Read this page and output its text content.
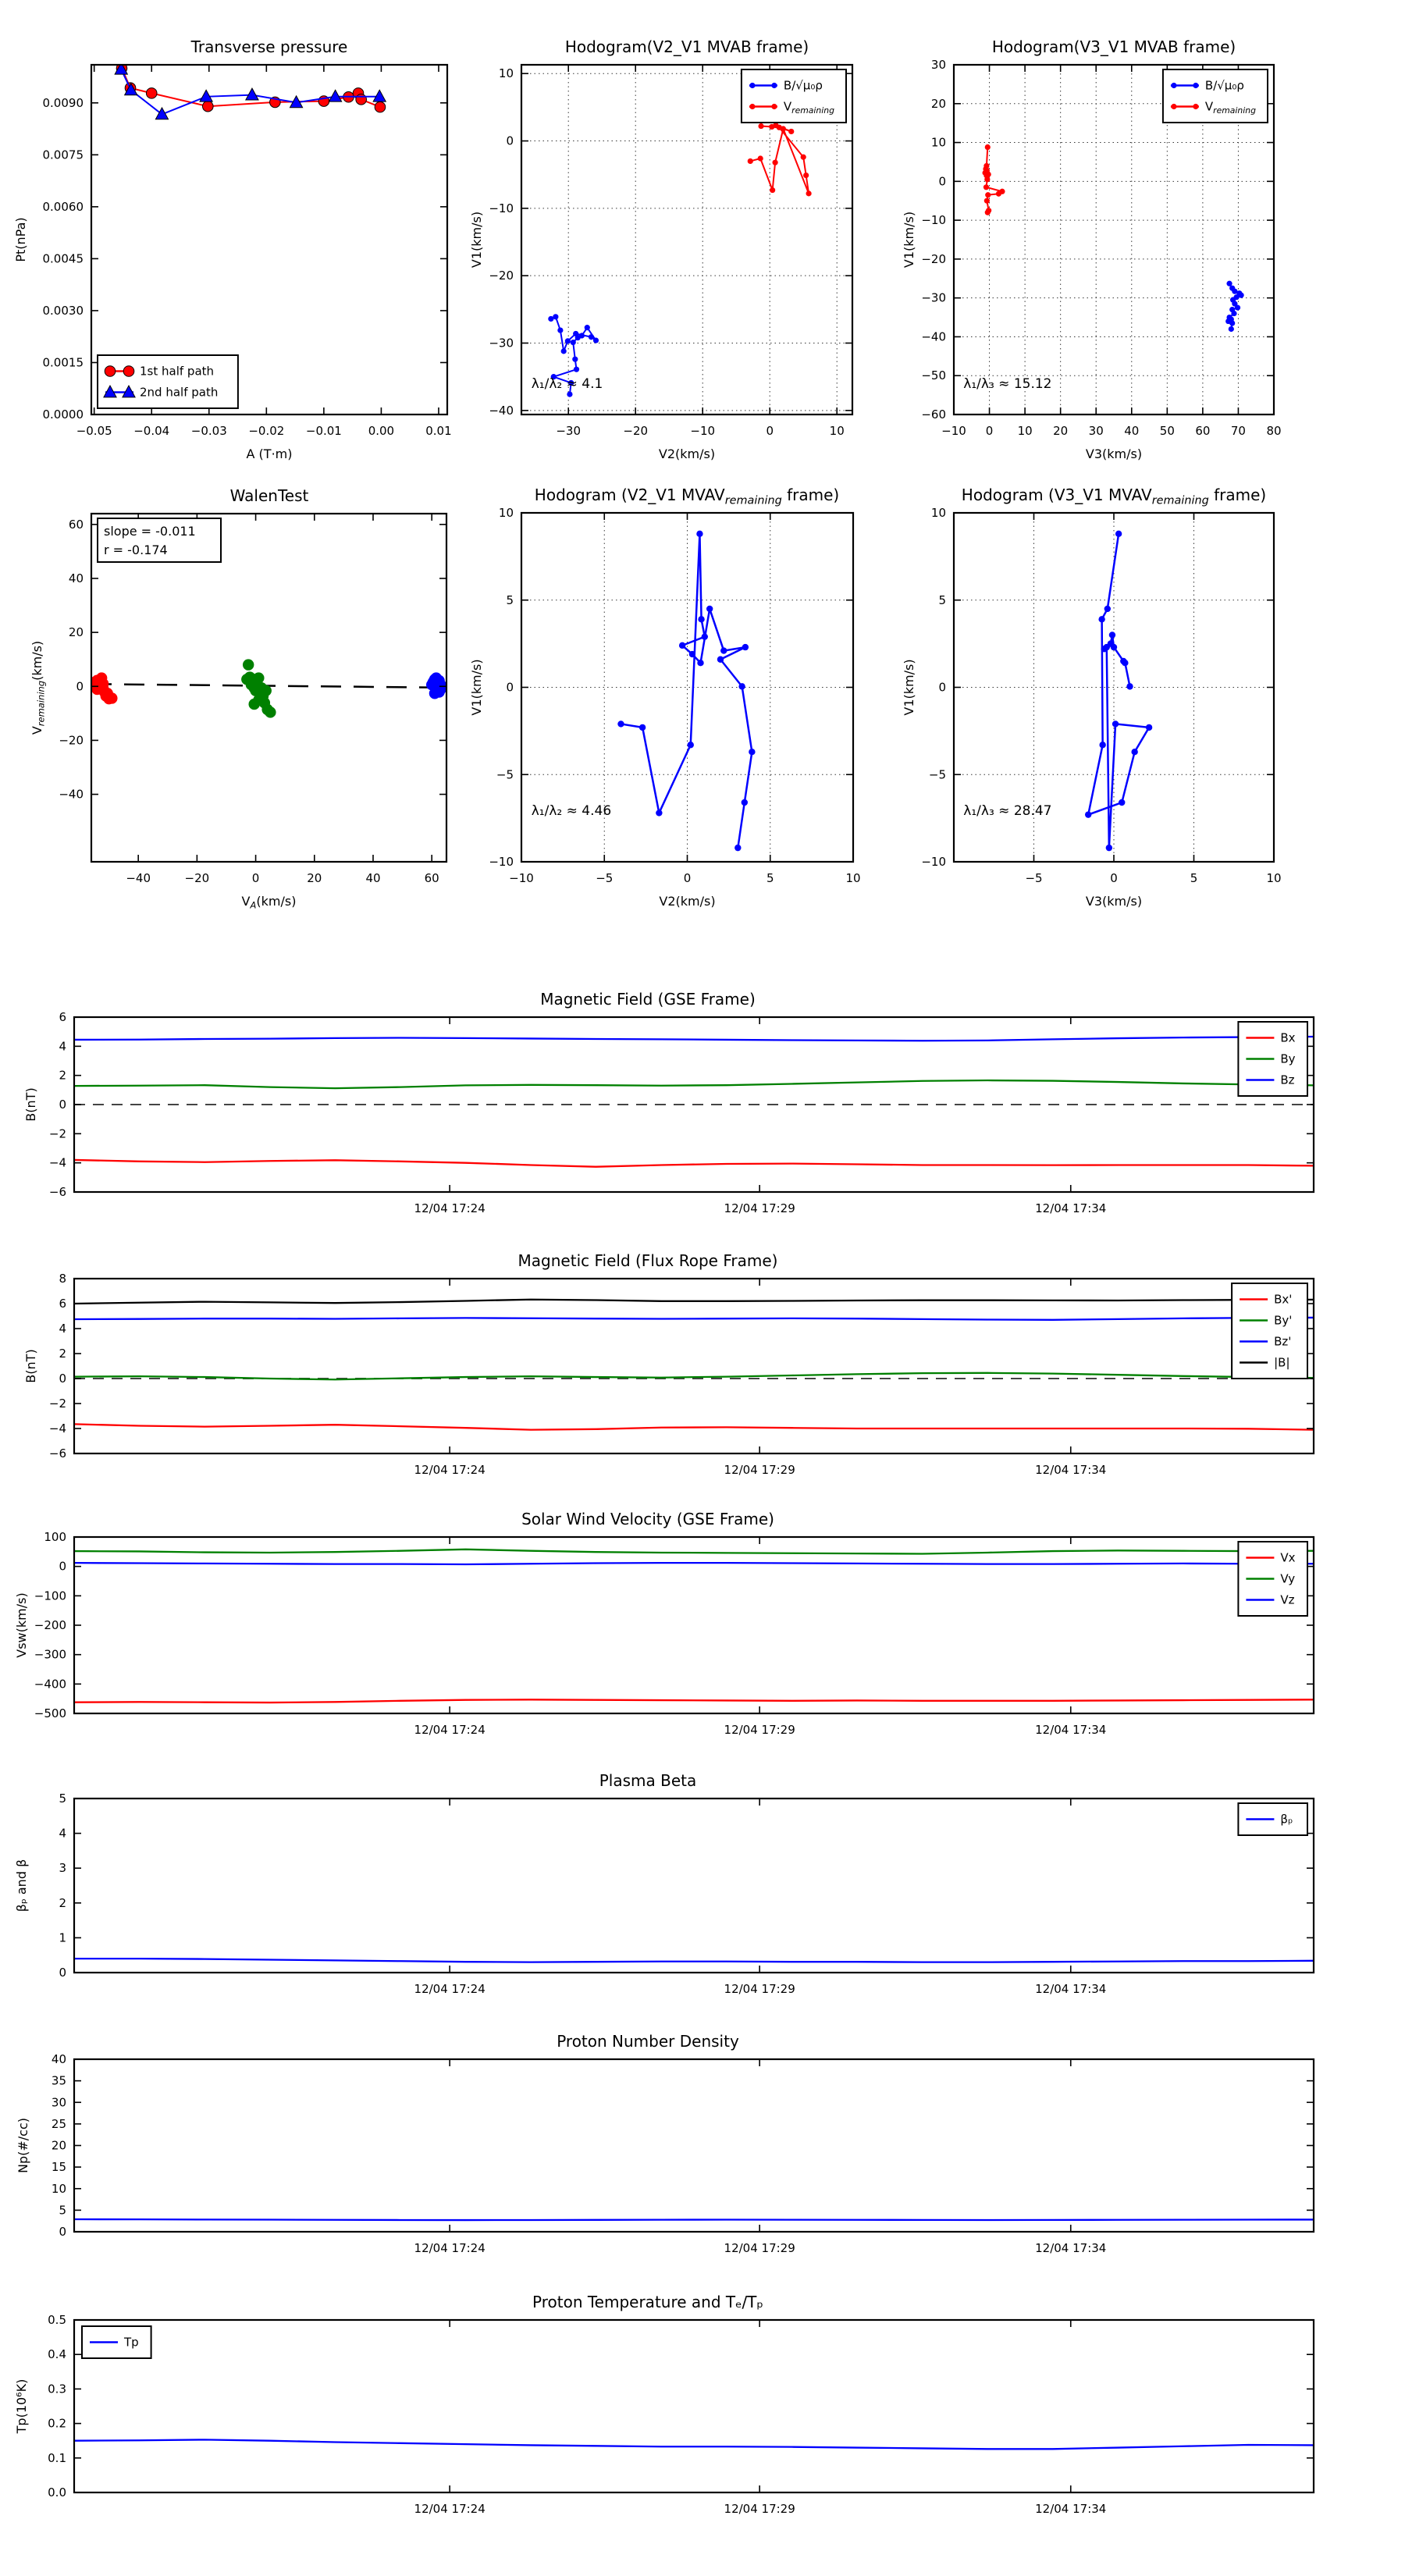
−0.05 −0.04 −0.03 −0.02 −0.01 0.00	0.01
0.0000
0.0015
0.0030
0.0045
0.0060
0.0075
0.0090
Transverse pressure
A (T·m)
Pt(nPa)
1st half path
2nd half path
−30	−20	−10	0	10
10
0
−10
−20
−30
−40
Hodogram(V2_V1 MVAB frame)
V2(km/s)
V1(km/s)
λ₁/λ₂ ≈ 4.1
B/√μ₀ρ
$V_{remaining}$
−10 0 10 20 30 40 50 60 70 80
30
20
10
0
−10
−20
−30
−40
−50
−60
Hodogram(V3_V1 MVAB frame)
V3(km/s)
V1(km/s)
λ₁/λ₃ ≈ 15.12
B/√μ₀ρ
$V_{remaining}$
−40	−20	0	20	40	60
60
40
20
0
−20
−40
WalenTest
$V_A(km/s)$
$V_{remaining}(km/s)$
slope = -0.011
r = -0.174
−10	−5	0	5	10
10
5
0
−5
−10
Hodogram (V2_V1 $MVAV_{remaining}$ frame)
V2(km/s)
V1(km/s)
λ₁/λ₂ ≈ 4.46
−5	0	5	10
10
5
0
−5
−10
Hodogram (V3_V1 $MVAV_{remaining}$ frame)
V3(km/s)
V1(km/s)
λ₁/λ₃ ≈ 28.47
12/04 17:24	12/04 17:29	12/04 17:34
−6
−4
−2
0
2
4
6
Magnetic Field (GSE Frame)
B(nT)
Bx
By
Bz
12/04 17:24	12/04 17:29	12/04 17:34
−6
−4
−2
0
2
4
6
8
Magnetic Field (Flux Rope Frame)
B(nT)
Bx'
By'
Bz'
|B|
12/04 17:24	12/04 17:29	12/04 17:34
−500
−400
−300
−200
−100
0
100
Solar Wind Velocity (GSE Frame)
Vsw(km/s)
Vx
Vy
Vz
12/04 17:24	12/04 17:29	12/04 17:34
0
1
2
3
4
5
Plasma Beta
βₚ and β
βₚ
12/04 17:24	12/04 17:29	12/04 17:34
0
5
10
15
20
25
30
35
40
Proton Number Density
Np(#/cc)
12/04 17:24	12/04 17:29	12/04 17:34
0.0
0.1
0.2
0.3
0.4
0.5
Proton Temperature and Tₑ/Tₚ
Tp(10⁶K)
Tp
